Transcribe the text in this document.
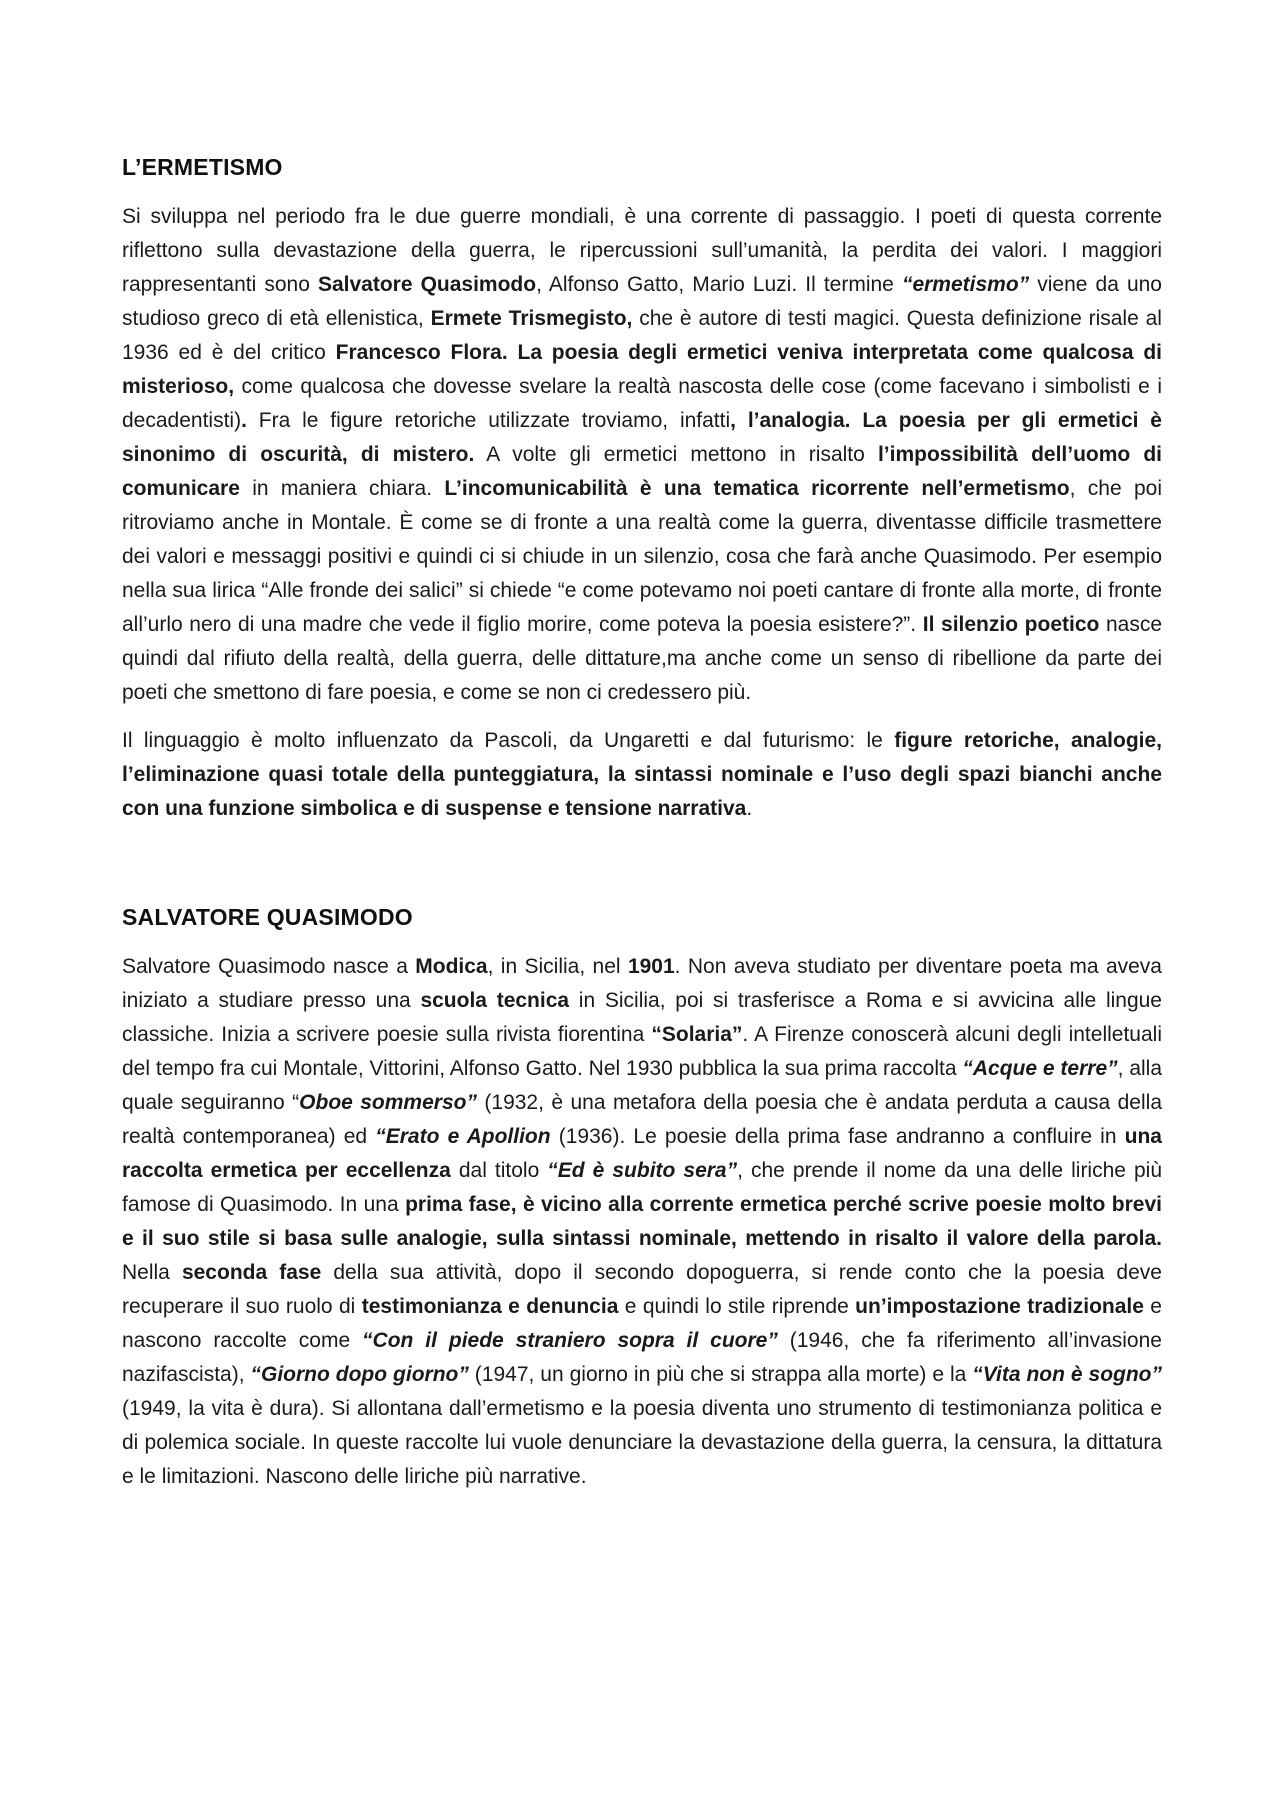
L’ERMETISMO

Si sviluppa nel periodo fra le due guerre mondiali, è una corrente di passaggio. I poeti di questa corrente riflettono sulla devastazione della guerra, le ripercussioni sull’umanità, la perdita dei valori. I maggiori rappresentanti sono Salvatore Quasimodo, Alfonso Gatto, Mario Luzi. Il termine “ermetismo” viene da uno studioso greco di età ellenistica, Ermete Trismegisto, che è autore di testi magici. Questa definizione risale al 1936 ed è del critico Francesco Flora. La poesia degli ermetici veniva interpretata come qualcosa di misterioso, come qualcosa che dovesse svelare la realtà nascosta delle cose (come facevano i simbolisti e i decadentisti). Fra le figure retoriche utilizzate troviamo, infatti, l’analogia. La poesia per gli ermetici è sinonimo di oscurità, di mistero. A volte gli ermetici mettono in risalto l’impossibilità dell’uomo di comunicare in maniera chiara. L’incomunicabilità è una tematica ricorrente nell’ermetismo, che poi ritroviamo anche in Montale. È come se di fronte a una realtà come la guerra, diventasse difficile trasmettere dei valori e messaggi positivi e quindi ci si chiude in un silenzio, cosa che farà anche Quasimodo. Per esempio nella sua lirica “Alle fronde dei salici” si chiede “e come potevamo noi poeti cantare di fronte alla morte, di fronte all’urlo nero di una madre che vede il figlio morire, come poteva la poesia esistere?”. Il silenzio poetico nasce quindi dal rifiuto della realtà, della guerra, delle dittature,ma anche come un senso di ribellione da parte dei poeti che smettono di fare poesia, e come se non ci credessero più.

Il linguaggio è molto influenzato da Pascoli, da Ungaretti e dal futurismo: le figure retoriche, analogie, l’eliminazione quasi totale della punteggiatura, la sintassi nominale e l’uso degli spazi bianchi anche con una funzione simbolica e di suspense e tensione narrativa.

SALVATORE QUASIMODO

Salvatore Quasimodo nasce a Modica, in Sicilia, nel 1901. Non aveva studiato per diventare poeta ma aveva iniziato a studiare presso una scuola tecnica in Sicilia, poi si trasferisce a Roma e si avvicina alle lingue classiche. Inizia a scrivere poesie sulla rivista fiorentina “Solaria”. A Firenze conoscerà alcuni degli intelletuali del tempo fra cui Montale, Vittorini, Alfonso Gatto. Nel 1930 pubblica la sua prima raccolta “Acque e terre”, alla quale seguiranno “Oboe sommerso” (1932, è una metafora della poesia che è andata perduta a causa della realtà contemporanea) ed “Erato e Apollion (1936). Le poesie della prima fase andranno a confluire in una raccolta ermetica per eccellenza dal titolo “Ed è subito sera”, che prende il nome da una delle liriche più famose di Quasimodo. In una prima fase, è vicino alla corrente ermetica perché scrive poesie molto brevi e il suo stile si basa sulle analogie, sulla sintassi nominale, mettendo in risalto il valore della parola. Nella seconda fase della sua attività, dopo il secondo dopoguerra, si rende conto che la poesia deve recuperare il suo ruolo di testimonianza e denuncia e quindi lo stile riprende un’impostazione tradizionale e nascono raccolte come “Con il piede straniero sopra il cuore” (1946, che fa riferimento all’invasione nazifascista), “Giorno dopo giorno” (1947, un giorno in più che si strappa alla morte) e la “Vita non è sogno” (1949, la vita è dura). Si allontana dall’ermetismo e la poesia diventa uno strumento di testimonianza politica e di polemica sociale. In queste raccolte lui vuole denunciare la devastazione della guerra, la censura, la dittatura e le limitazioni. Nascono delle liriche più narrative.
